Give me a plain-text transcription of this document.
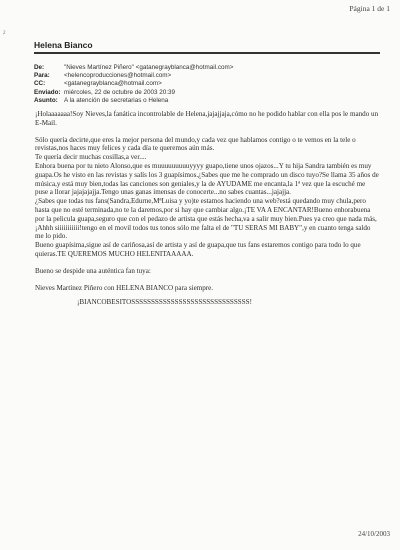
Página 1 de 1
2
Helena Bianco
De:	"Nieves Martínez Piñero" <gatanegrayblanca@hotmail.com>
Para:	<helencoproducciones@hotmail.com>
CC:	<gatanegrayblanca@hotmail.com>
Enviado: miércoles, 22 de octubre de 2003 20:39
Asunto: A la atención de secretarias o Helena

¡Holaaaaaaa!Soy Nieves,la fanática incontrolable de Helena,jajajjaja,cómo no he podido hablar con ella pos le mando un E-Mail.

Sólo quería decirte,que eres la mejor persona del mundo,y cada vez que hablamos contigo o te vemos en la tele o revistas,nos haces muy felices y cada día te queremos aún más.

Te quería decir muchas cosillas,a ver....

Enhora buena por tu nieto Alonso,que es muuuuuuuuuyyyy guapo,tiene unos ojazos...Y tu hija Sandra también es muy guapa.Os he visto en las revistas y salís los 3 guapísimos.¿Sabes que me he comprado un disco tuyo?Se llama 35 años de música,y está muy bien,todas las canciones son geniales,y la de AYUDAME me encanta,la 1ª vez que la escuché me puse a llorar jajajajajja.Tengo unas ganas imensas de conocerte...no sabes cuantas...jajajja.

¿Sabes que todas tus fans(Sandra,Edurne,MªLuisa y yo)te estamos haciendo una web?está quedando muy chula,pero hasta que no esté terminada,no te la daremos,por si hay que cambiar algo.¡TE VA A ENCANTAR!Bueno enhorabuena por la pelicula guapa,seguro que con el pedazo de artista que estás hecha,va a salir muy bien.Pues ya creo que nada más,¡Ahhh siiiiiiiiiii!tengo en el movil todos tus tonos sólo me falta el de "TU SERAS MI BABY",y en cuanto tenga saldo me lo pido.

Bueno guapísima,sigue así de cariñosa,así de artista y así de guapa,que tus fans estaremos contigo para todo lo que quieras.TE QUEREMOS MUCHO HELENITAAAAA.

Bueno se despide una auténtica fan tuya:

Nieves Martínez Piñero con HELENA BIANCO para siempre.

¡BIANCOBESITOSSSSSSSSSSSSSSSSSSSSSSSSSSSSSS!

24/10/2003
